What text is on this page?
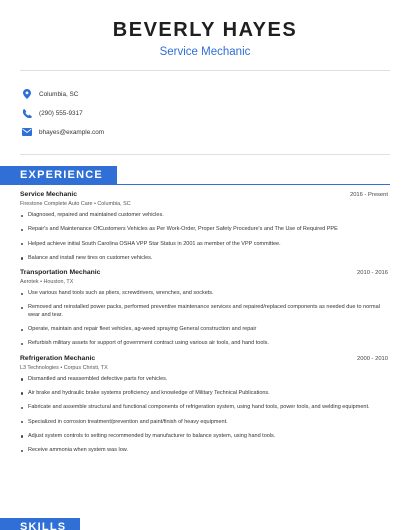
BEVERLY HAYES
Service Mechanic
Columbia, SC
(290) 555-9317
bhayes@example.com
EXPERIENCE
Service Mechanic	2016 - Present
Firestone Complete Auto Care • Columbia, SC
Diagnosed, repaired and maintained customer vehicles.
Repair's and Maintenance OfCustomers Vehicles as Per Work-Order, Proper Safety Procedure's and The Use of Required PPE
Helped achieve initial South Carolina OSHA VPP Star Status in 2001 as member of the VPP committee.
Balance and install new tires on customer vehicles.
Transportation Mechanic	2010 - 2016
Aerotek • Houston, TX
Use various hand tools such as pliers, screwdrivers, wrenches, and sockets.
Removed and reinstalled power packs, performed preventive maintenance services and repaired/replaced components as needed due to normal wear and tear.
Operate, maintain and repair fleet vehicles, ag-weed spraying General construction and repair
Refurbish military assets for support of government contract using various air tools, and hand tools.
Refrigeration Mechanic	2000 - 2010
L3 Technologies • Corpus Christi, TX
Dismantled and reassembled defective parts for vehicles.
Air brake and hydraulic brake systems proficiency and knowledge of Military Technical Publications.
Fabricate and assemble structural and functional components of refrigeration system, using hand tools, power tools, and welding equipment.
Specialized in corrosion treatment/prevention and paint/finish of heavy equipment.
Adjust system controls to setting recommended by manufacturer to balance system, using hand tools.
Receive ammonia when system was low.
SKILLS
